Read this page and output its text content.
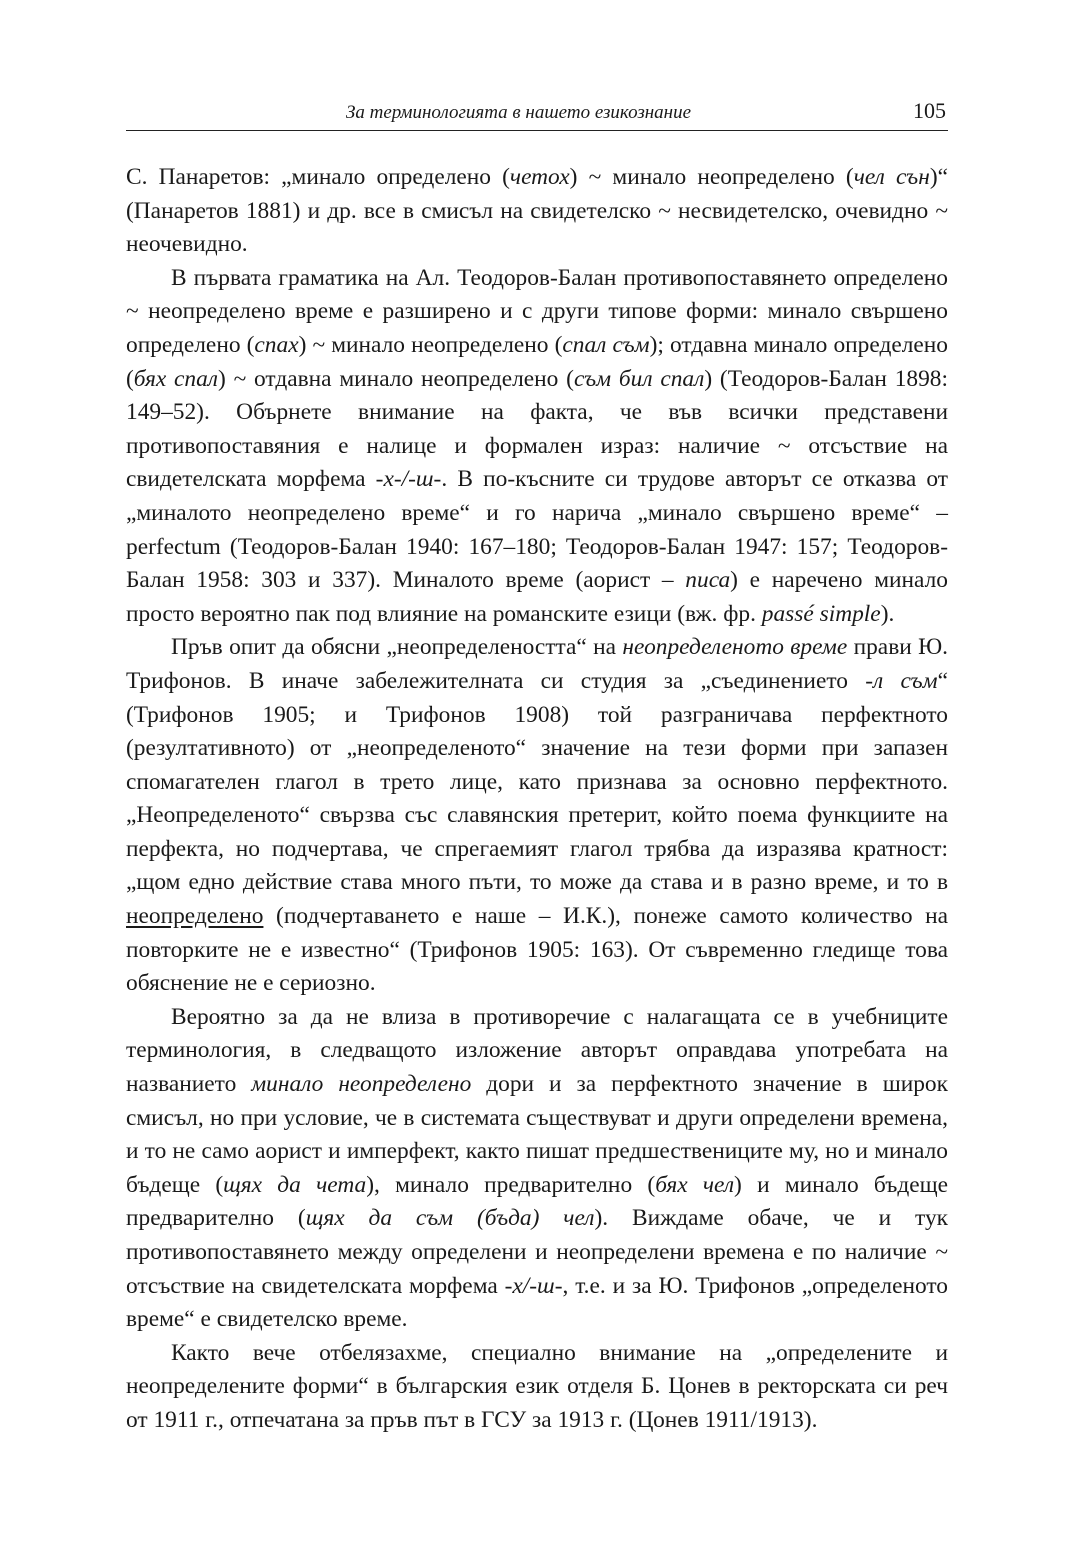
За терминологията в нашето езикознание	105

С. Панаретов: „минало определено (четох) ~ минало неопределено (чел сън)“ (Панаретов 1881) и др. все в смисъл на свидетелско ~ несвидетелско, очевидно ~ неочевидно.

В първата граматика на Ал. Теодоров-Балан противопоставянето определено ~ неопределено време е разширено и с други типове форми: минало свършено определено (спах) ~ минало неопределено (спал съм); отдавна минало определено (бях спал) ~ отдавна минало неопределено (съм бил спал) (Теодоров-Балан 1898: 149–52). Обърнете внимание на факта, че във всички представени противопоставяния е налице и формален израз: наличие ~ отсъствие на свидетелската морфема -х-/-ш-. В по-късните си трудове авторът се отказва от „миналото неопределено време“ и го нарича „минало свършено време“ – perfectum (Теодоров-Балан 1940: 167–180; Теодоров-Балан 1947: 157; Теодоров-Балан 1958: 303 и 337). Миналото време (аорист – писа) е наречено минало просто вероятно пак под влияние на романските езици (вж. фр. passé simple).

Пръв опит да обясни „неопределеността“ на неопределеното време прави Ю. Трифонов. В иначе забележителната си студия за „съединението -л съм“ (Трифонов 1905; и Трифонов 1908) той разграничава перфектното (резултативното) от „неопределеното“ значение на тези форми при запазен спомагателен глагол в трето лице, като признава за основно перфектното. „Неопределеното“ свързва със славянския претерит, който поема функциите на перфекта, но подчертава, че спрегаемият глагол трябва да изразява кратност: „щом едно действие става много пъти, то може да става и в разно време, и то в неопределено (подчертаването е наше – И.К.), понеже самото количество на повторките не е известно“ (Трифонов 1905: 163). От съвременно гледище това обяснение не е сериозно.

Вероятно за да не влиза в противоречие с налагащата се в учебниците терминология, в следващото изложение авторът оправдава употребата на названието минало неопределено дори и за перфектното значение в широк смисъл, но при условие, че в системата съществуват и други определени времена, и то не само аорист и имперфект, както пишат предшествениците му, но и минало бъдеще (щях да чета), минало предварително (бях чел) и минало бъдеще предварително (щях да съм (бъда) чел). Виждаме обаче, че и тук противопоставянето между определени и неопределени времена е по наличие ~ отсъствие на свидетелската морфема -х/-ш-, т.е. и за Ю. Трифонов „определеното време“ е свидетелско време.

Както вече отбелязахме, специално внимание на „определените и неопределените форми“ в българския език отделя Б. Цонев в ректорската си реч от 1911 г., отпечатана за пръв път в ГСУ за 1913 г. (Цонев 1911/1913).
